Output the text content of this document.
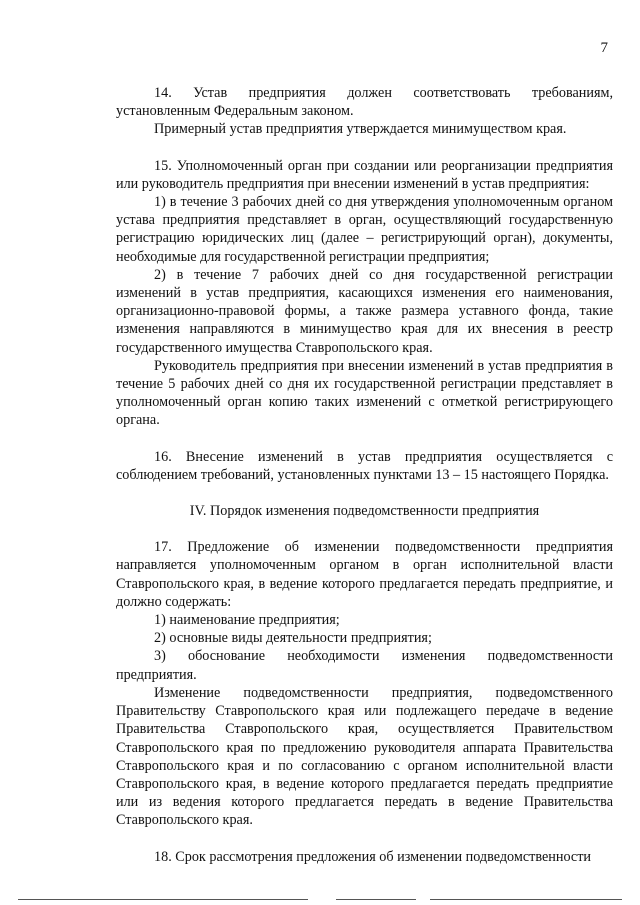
7

14. Устав предприятия должен соответствовать требованиям, установленным Федеральным законом.

Примерный устав предприятия утверждается минимуществом края.

15. Уполномоченный орган при создании или реорганизации предприятия или руководитель предприятия при внесении изменений в устав предприятия:

1) в течение 3 рабочих дней со дня утверждения уполномоченным органом устава предприятия представляет в орган, осуществляющий государственную регистрацию юридических лиц (далее – регистрирующий орган), документы, необходимые для государственной регистрации предприятия;

2) в течение 7 рабочих дней со дня государственной регистрации изменений в устав предприятия, касающихся изменения его наименования, организационно-правовой формы, а также размера уставного фонда, такие изменения направляются в минимущество края для их внесения в реестр государственного имущества Ставропольского края.

Руководитель предприятия при внесении изменений в устав предприятия в течение 5 рабочих дней со дня их государственной регистрации представляет в уполномоченный орган копию таких изменений с отметкой регистрирующего органа.

16. Внесение изменений в устав предприятия осуществляется с соблюдением требований, установленных пунктами 13 – 15 настоящего Порядка.

IV. Порядок изменения подведомственности предприятия

17. Предложение об изменении подведомственности предприятия направляется уполномоченным органом в орган исполнительной власти Ставропольского края, в ведение которого предлагается передать предприятие, и должно содержать:

1) наименование предприятия;

2) основные виды деятельности предприятия;

3) обоснование необходимости изменения подведомственности предприятия.

Изменение подведомственности предприятия, подведомственного Правительству Ставропольского края или подлежащего передаче в ведение Правительства Ставропольского края, осуществляется Правительством Ставропольского края по предложению руководителя аппарата Правительства Ставропольского края и по согласованию с органом исполнительной власти Ставропольского края, в ведение которого предлагается передать предприятие или из ведения которого предлагается передать в ведение Правительства Ставропольского края.

18. Срок рассмотрения предложения об изменении подведомственности
